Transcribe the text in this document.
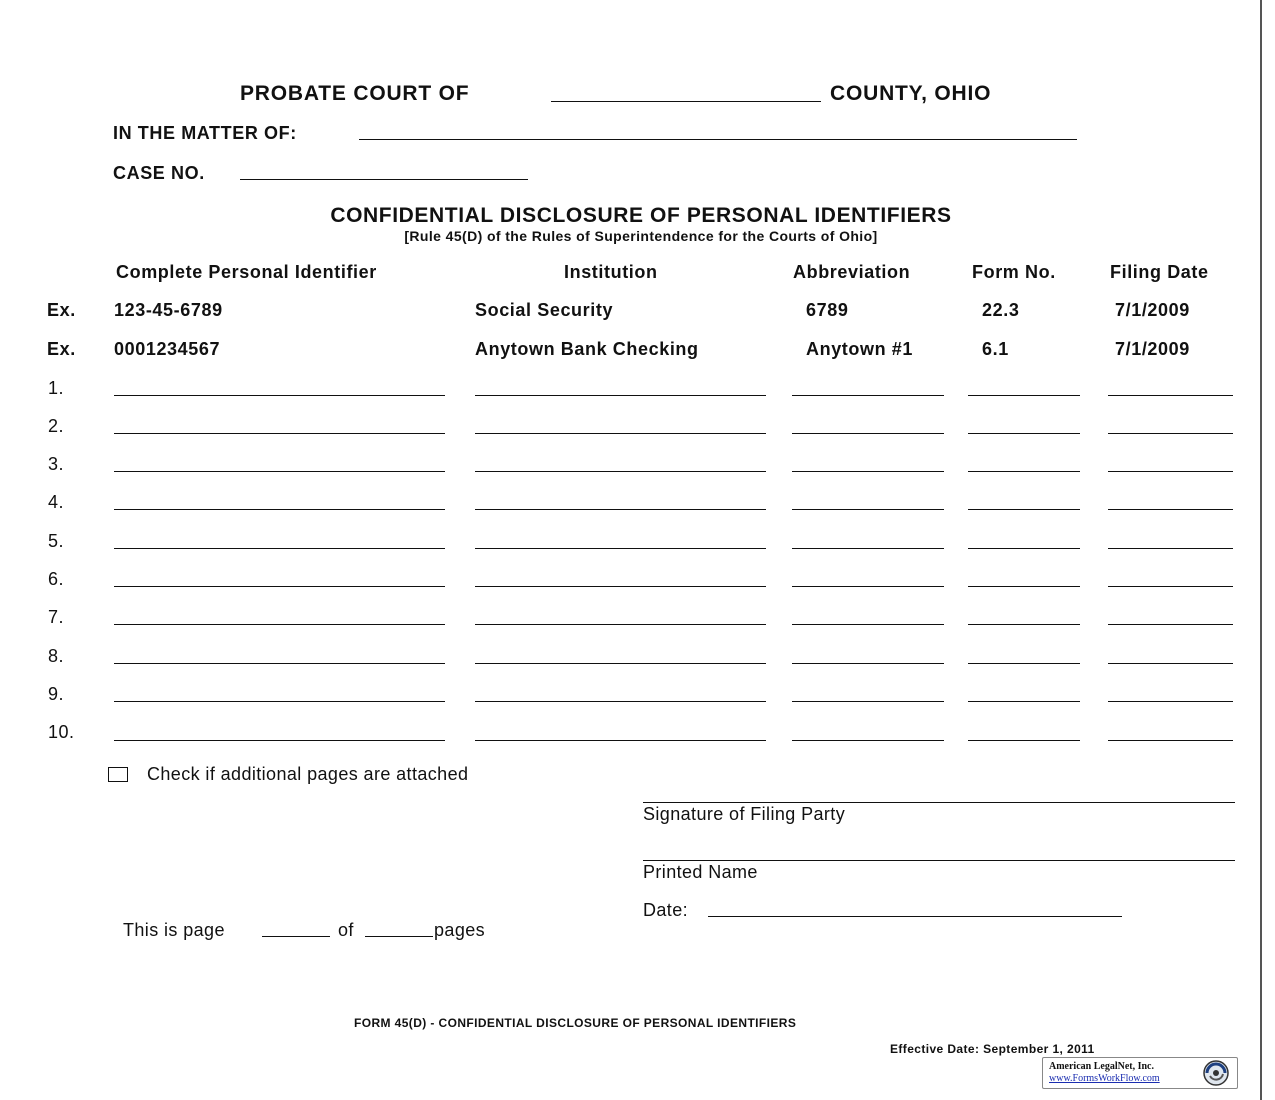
PROBATE COURT OF	COUNTY, OHIO
IN THE MATTER OF:
CASE NO.
CONFIDENTIAL DISCLOSURE OF PERSONAL IDENTIFIERS
[Rule 45(D) of the Rules of Superintendence for the Courts of Ohio]
Complete Personal Identifier	Institution	Abbreviation	Form No.	Filing Date
Ex. 123-45-6789	Social Security	6789	22.3	7/1/2009
Ex. 0001234567	Anytown Bank Checking	Anytown #1	6.1	7/1/2009
1.
2.
3.
4.
5.
6.
7.
8.
9.
10.
Check if additional pages are attached
Signature of Filing Party
Printed Name
Date:
This is page	of	pages
FORM 45(D) - CONFIDENTIAL DISCLOSURE OF PERSONAL IDENTIFIERS
Effective Date: September 1, 2011
American LegalNet, Inc.
www.FormsWorkFlow.com
